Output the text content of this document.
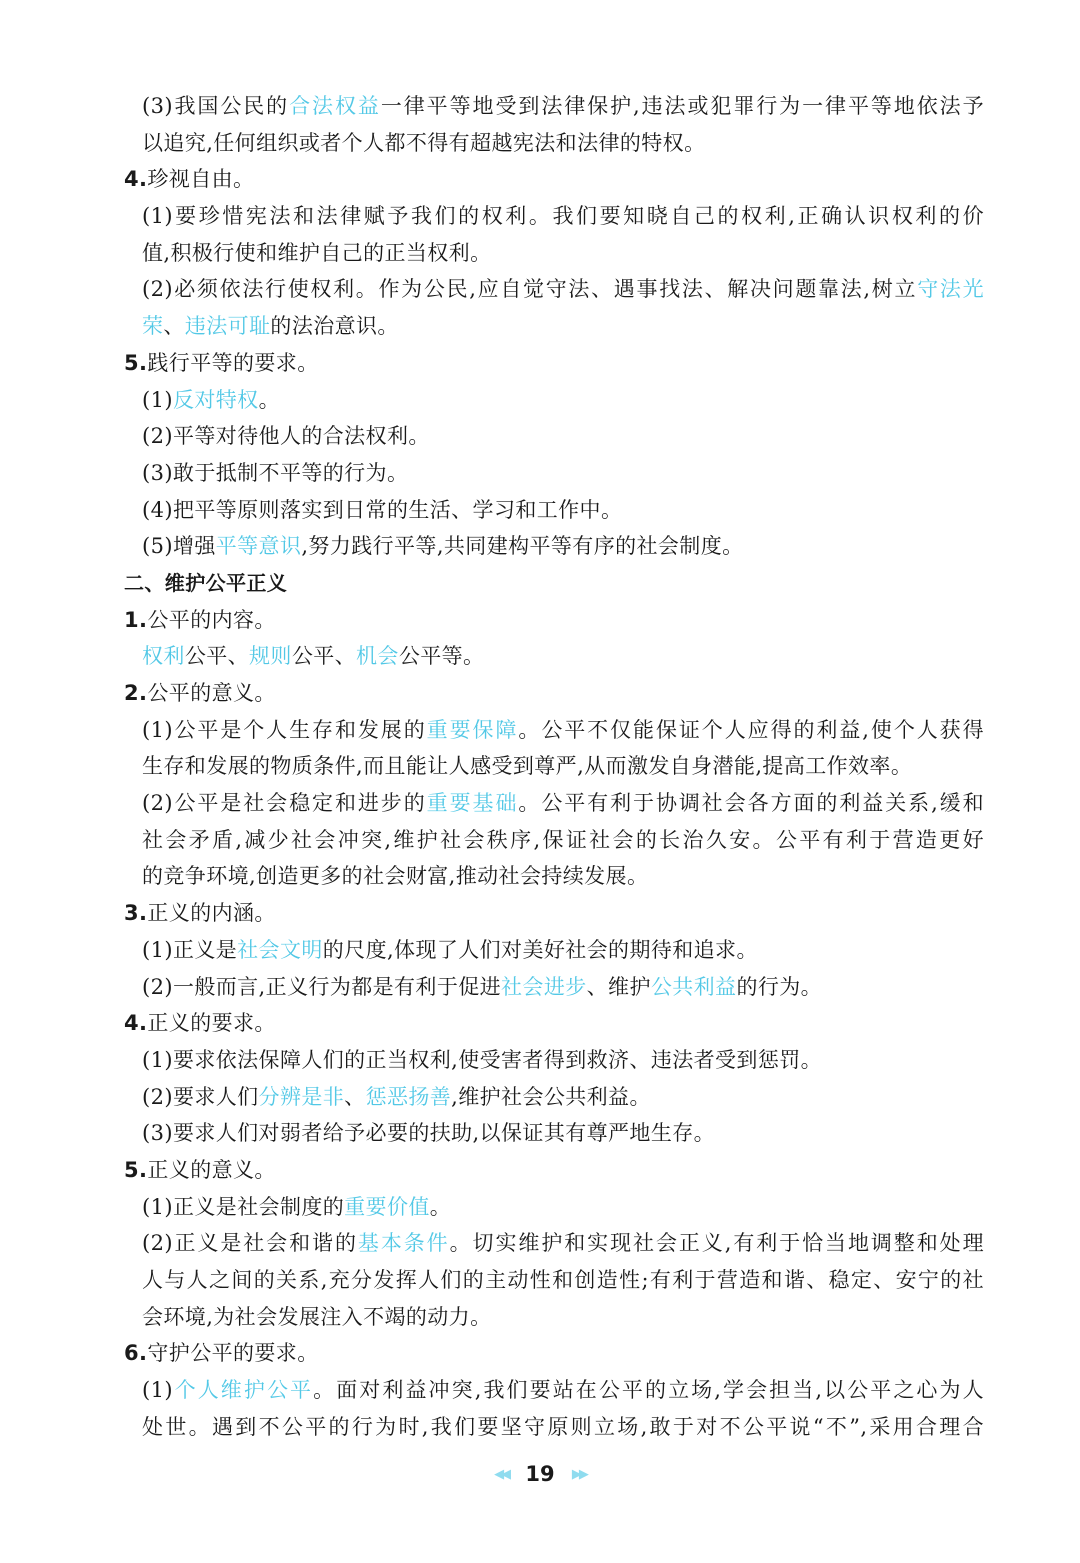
(3)我国公民的合法权益一律平等地受到法律保护,违法或犯罪行为一律平等地依法予
以追究,任何组织或者个人都不得有超越宪法和法律的特权。
4.珍视自由。
(1)要珍惜宪法和法律赋予我们的权利。我们要知晓自己的权利,正确认识权利的价
值,积极行使和维护自己的正当权利。
(2)必须依法行使权利。作为公民,应自觉守法、遇事找法、解决问题靠法,树立守法光
荣、违法可耻的法治意识。
5.践行平等的要求。
(1)反对特权。
(2)平等对待他人的合法权利。
(3)敢于抵制不平等的行为。
(4)把平等原则落实到日常的生活、学习和工作中。
(5)增强平等意识,努力践行平等,共同建构平等有序的社会制度。
二、维护公平正义
1.公平的内容。
权利公平、规则公平、机会公平等。
2.公平的意义。
(1)公平是个人生存和发展的重要保障。公平不仅能保证个人应得的利益,使个人获得
生存和发展的物质条件,而且能让人感受到尊严,从而激发自身潜能,提高工作效率。
(2)公平是社会稳定和进步的重要基础。公平有利于协调社会各方面的利益关系,缓和
社会矛盾,减少社会冲突,维护社会秩序,保证社会的长治久安。公平有利于营造更好
的竞争环境,创造更多的社会财富,推动社会持续发展。
3.正义的内涵。
(1)正义是社会文明的尺度,体现了人们对美好社会的期待和追求。
(2)一般而言,正义行为都是有利于促进社会进步、维护公共利益的行为。
4.正义的要求。
(1)要求依法保障人们的正当权利,使受害者得到救济、违法者受到惩罚。
(2)要求人们分辨是非、惩恶扬善,维护社会公共利益。
(3)要求人们对弱者给予必要的扶助,以保证其有尊严地生存。
5.正义的意义。
(1)正义是社会制度的重要价值。
(2)正义是社会和谐的基本条件。切实维护和实现社会正义,有利于恰当地调整和处理
人与人之间的关系,充分发挥人们的主动性和创造性;有利于营造和谐、稳定、安宁的社
会环境,为社会发展注入不竭的动力。
6.守护公平的要求。
(1)个人维护公平。面对利益冲突,我们要站在公平的立场,学会担当,以公平之心为人
处世。遇到不公平的行为时,我们要坚守原则立场,敢于对不公平说“不”,采用合理合
◀◀ 19 ▶▶
